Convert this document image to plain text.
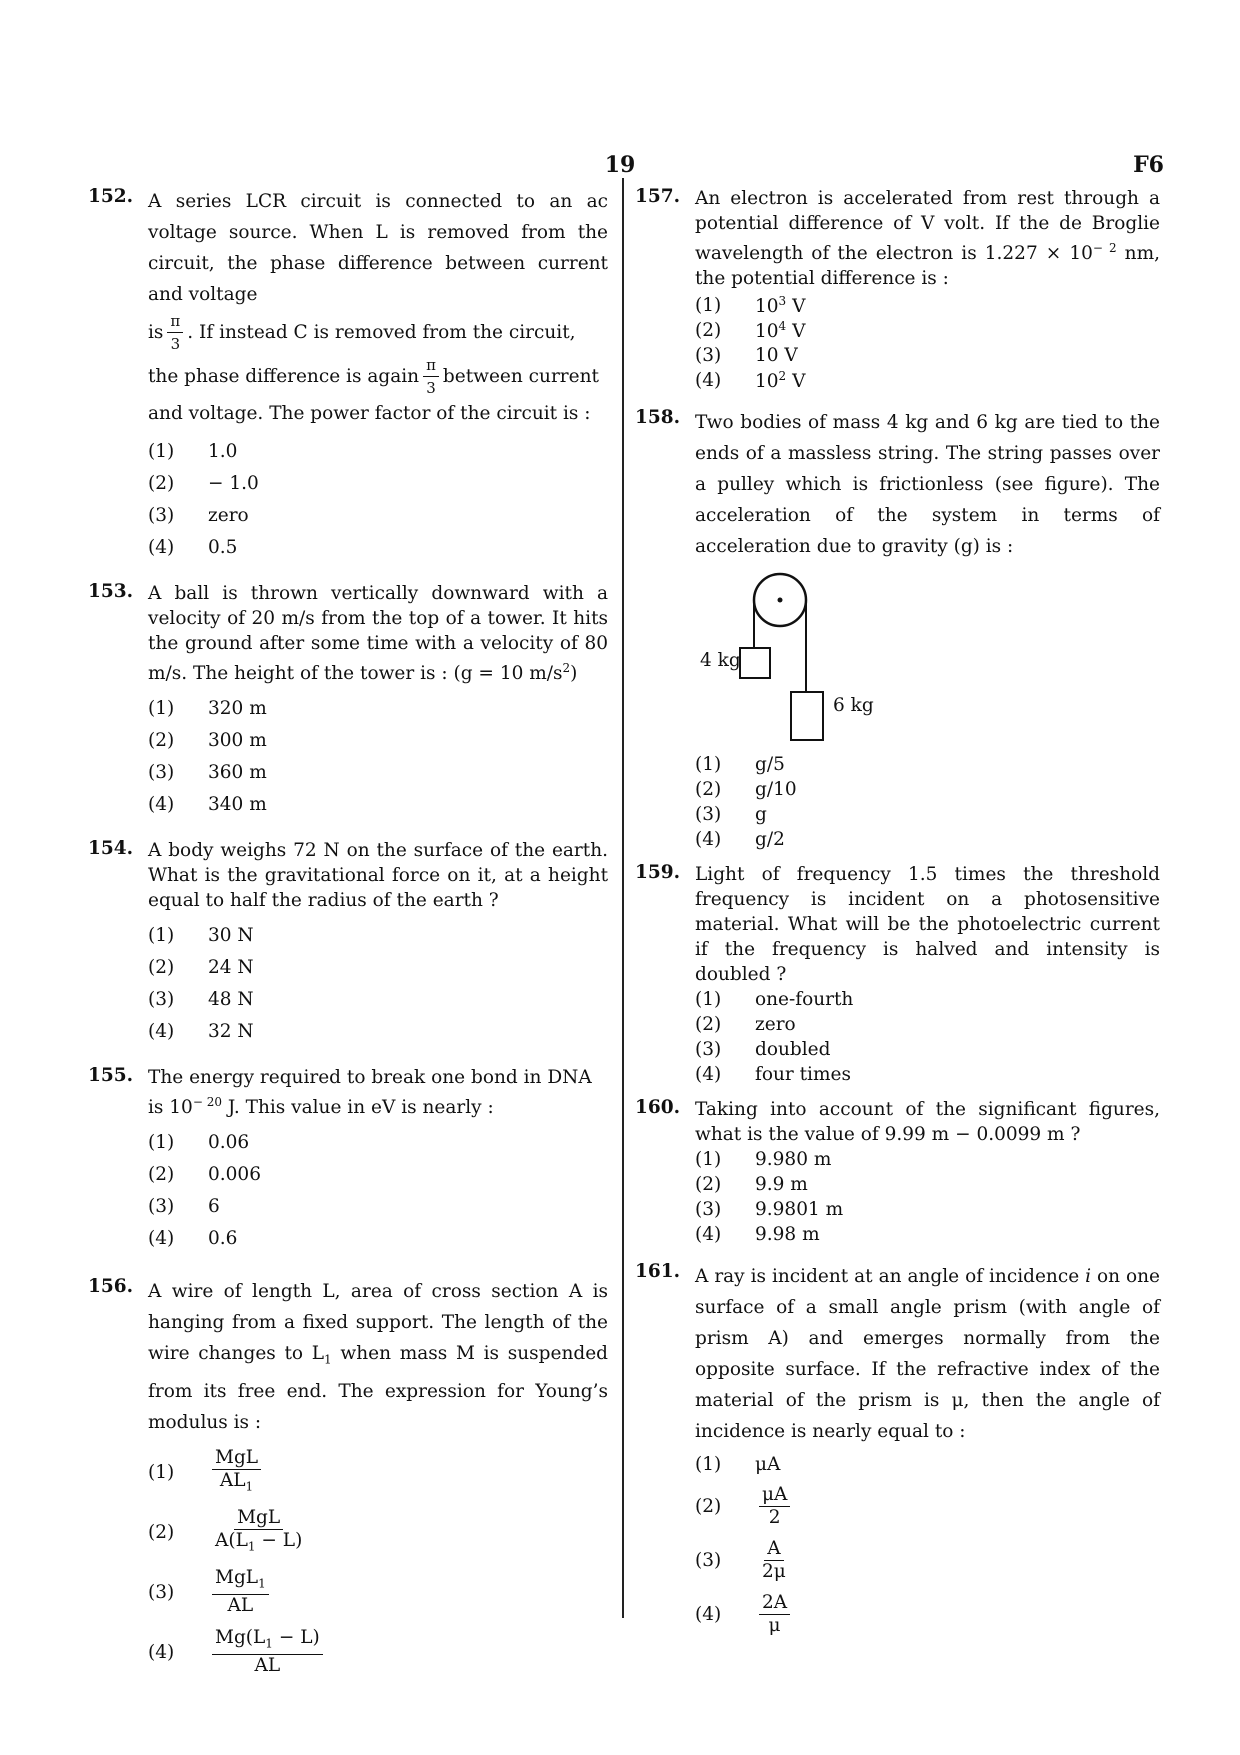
19	F6
152. A series LCR circuit is connected to an ac voltage source. When L is removed from the circuit, the phase difference between current and voltage
is $\frac{\pi}{3}$ . If instead C is removed from the circuit,
the phase difference is again $\frac{\pi}{3}$ between current
and voltage. The power factor of the circuit is :
(1)	1.0
(2)	− 1.0
(3)	zero
(4)	0.5
153. A ball is thrown vertically downward with a velocity of 20 m/s from the top of a tower. It hits the ground after some time with a velocity of 80 m/s. The height of the tower is : (g = 10 $m/s^2$)
(1)	320 m
(2)	300 m
(3)	360 m
(4)	340 m
154. A body weighs 72 N on the surface of the earth. What is the gravitational force on it, at a height equal to half the radius of the earth ?
(1)	30 N
(2)	24 N
(3)	48 N
(4)	32 N
155. The energy required to break one bond in DNA is $10^{- 20}$ J. This value in eV is nearly :
(1)	0.06
(2)	0.006
(3)	6
(4)	0.6
156. A wire of length L, area of cross section A is hanging from a fixed support. The length of the wire changes to $L_1$ when mass M is suspended from its free end. The expression for Young’s modulus is :
(1)	$\frac{\text{MgL}}{AL_1}$
(2)	$\frac{\text{MgL}}{A(L_1 - L)}$
(3)	$\frac{MgL_1}{AL}$
(4)	$\frac{Mg(L_1 - L)}{AL}$
157. An electron is accelerated from rest through a potential difference of V volt. If the de Broglie wavelength of the electron is $1.227 \times 10^{- 2}$ nm, the potential difference is :
(1)	$10^3$ V
(2)	$10^4$ V
(3)	10 V
(4)	$10^2$ V
158. Two bodies of mass 4 kg and 6 kg are tied to the ends of a massless string. The string passes over a pulley which is frictionless (see figure). The acceleration of the system in terms of acceleration due to gravity (g) is :
4 kg
6 kg
(1)	g/5
(2)	g/10
(3)	g
(4)	g/2
159. Light of frequency 1.5 times the threshold frequency is incident on a photosensitive material. What will be the photoelectric current if the frequency is halved and intensity is doubled ?
(1)	one-fourth
(2)	zero
(3)	doubled
(4)	four times
160. Taking into account of the significant figures, what is the value of 9.99 m − 0.0099 m ?
(1)	9.980 m
(2)	9.9 m
(3)	9.9801 m
(4)	9.98 m
161. A ray is incident at an angle of incidence i on one surface of a small angle prism (with angle of prism A) and emerges normally from the opposite surface. If the refractive index of the material of the prism is μ, then the angle of incidence is nearly equal to :
(1)	μA
(2)	$\frac{\mu A}{2}$
(3)	$\frac{A}{2\mu}$
(4)	$\frac{2A}{\mu}$
